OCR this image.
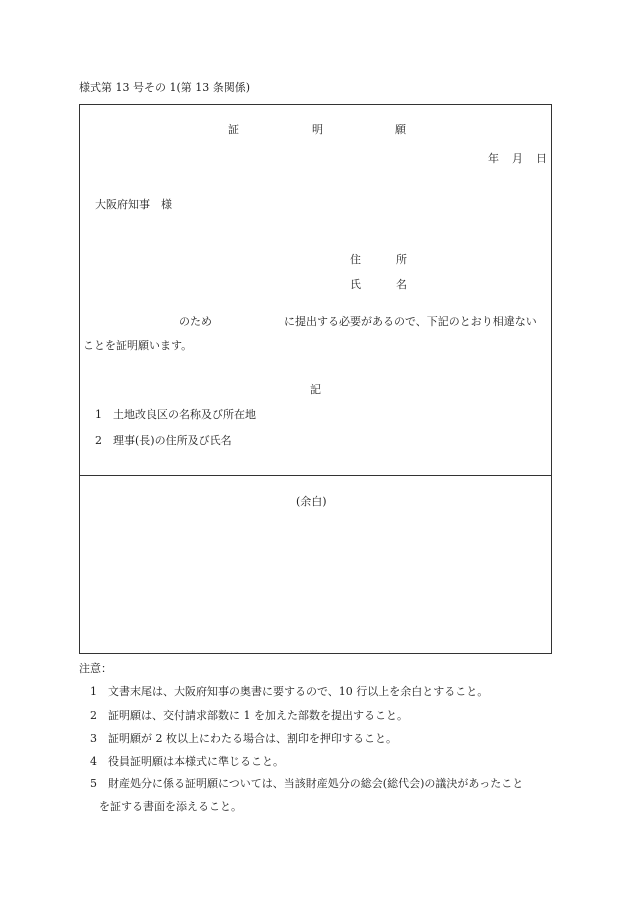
様式第 13 号その 1(第 13 条関係)
証	明	願
年 月 日
大阪府知事　様
住	所
氏	名
のため	に提出する必要があるので、下記のとおり相違ない
ことを証明願います。
記
1 土地改良区の名称及び所在地
2 理事(長)の住所及び氏名
(余白)
注意：
1 文書末尾は、大阪府知事の奥書に要するので、10 行以上を余白とすること。
2 証明願は、交付請求部数に 1 を加えた部数を提出すること。
3 証明願が 2 枚以上にわたる場合は、割印を押印すること。
4 役員証明願は本様式に準じること。
5 財産処分に係る証明願については、当該財産処分の総会(総代会)の議決があったこと
を証する書面を添えること。
